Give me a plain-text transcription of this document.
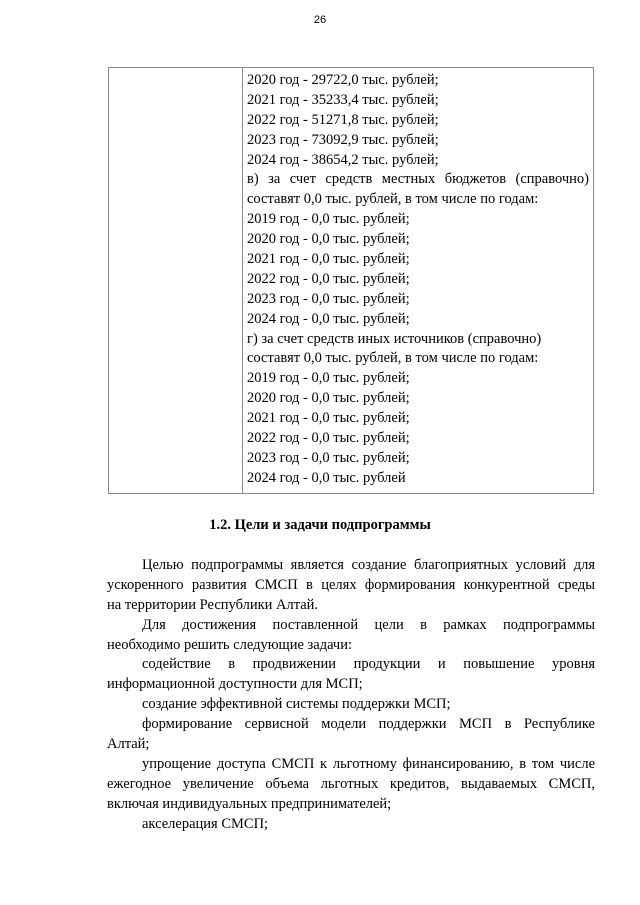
26
2020 год - 29722,0 тыс. рублей;
2021 год - 35233,4 тыс. рублей;
2022 год - 51271,8 тыс. рублей;
2023 год - 73092,9 тыс. рублей;
2024 год - 38654,2 тыс. рублей;
в) за счет средств местных бюджетов (справочно)
составят 0,0 тыс. рублей, в том числе по годам:
2019 год - 0,0 тыс. рублей;
2020 год - 0,0 тыс. рублей;
2021 год - 0,0 тыс. рублей;
2022 год - 0,0 тыс. рублей;
2023 год - 0,0 тыс. рублей;
2024 год - 0,0 тыс. рублей;
г) за счет средств иных источников (справочно)
составят 0,0 тыс. рублей, в том числе по годам:
2019 год - 0,0 тыс. рублей;
2020 год - 0,0 тыс. рублей;
2021 год - 0,0 тыс. рублей;
2022 год - 0,0 тыс. рублей;
2023 год - 0,0 тыс. рублей;
2024 год - 0,0 тыс. рублей
1.2. Цели и задачи подпрограммы
Целью подпрограммы является создание благоприятных условий для
ускоренного развития СМСП в целях формирования конкурентной среды
на территории Республики Алтай.
Для достижения поставленной цели в рамках подпрограммы
необходимо решить следующие задачи:
содействие в продвижении продукции и повышение уровня
информационной доступности для МСП;
создание эффективной системы поддержки МСП;
формирование сервисной модели поддержки МСП в Республике
Алтай;
упрощение доступа СМСП к льготному финансированию, в том числе
ежегодное увеличение объема льготных кредитов, выдаваемых СМСП,
включая индивидуальных предпринимателей;
акселерация СМСП;
